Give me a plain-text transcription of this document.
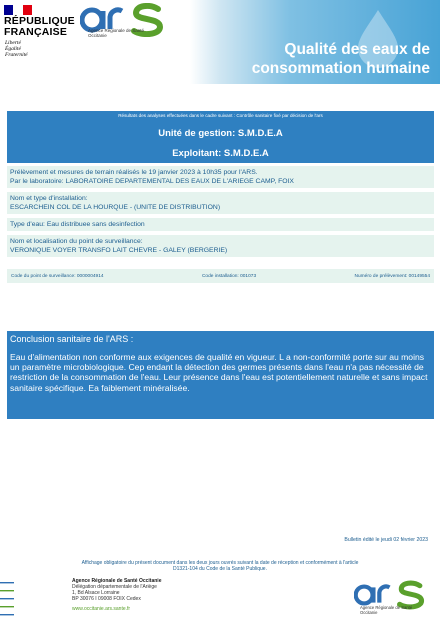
RÉPUBLIQUE
FRANÇAISE
Liberté
Égalité
Fraternité
Agence Régionale de Santé
Occitanie
Qualité des eaux de
consommation humaine
Résultats des analyses effectuées dans le cadre suivant : Contrôle sanitaire fixé par décision de l'ars
Unité de gestion: S.M.D.E.A
Exploitant: S.M.D.E.A

Prélèvement et mesures de terrain réalisés le 19 janvier 2023 à 10h35 pour l'ARS.

Par le laboratoire: LABORATOIRE DEPARTEMENTAL DES EAUX DE L'ARIEGE CAMP, FOIX

Nom et type d'installation:

ESCARCHEIN COL DE LA HOURQUE - (UNITE DE DISTRIBUTION)

Type d'eau: Eau distribuee sans desinfection

Nom et localisation du point de surveillance:

VERONIQUE VOYER TRANSFO LAIT CHEVRE - GALEY (BERGERIE)

Code du point de surveillance: 0000004914	Code installation: 001073	Numéro de prélèvement: 00149554
Conclusion sanitaire de l'ARS :
Eau d'alimentation non conforme aux exigences de qualité en vigueur. L a non-conformité porte sur au moins un paramètre microbiologique. Cep endant la détection des germes présents dans l'eau n'a pas nécessité de restriction de la consommation de l'eau. Leur présence dans l'eau est potentiellement naturelle et sans impact sanitaire spécifique. Ea faiblement minéralisée.
Bulletin édité le jeudi 02 février 2023
Affichage obligatoire du présent document dans les deux jours ouvrés suivant la date de réception et conformément à l'article
D1321-104 du Code de la Santé Publique.
Agence Régionale de Santé Occitanie
Délégation départementale de l'Ariège
1, Bd Alsace Lorraine
BP 30076 I 09008 FOIX Cedex
www.occitanie.ars.sante.fr	Agence Régionale de Santé
Occitanie
